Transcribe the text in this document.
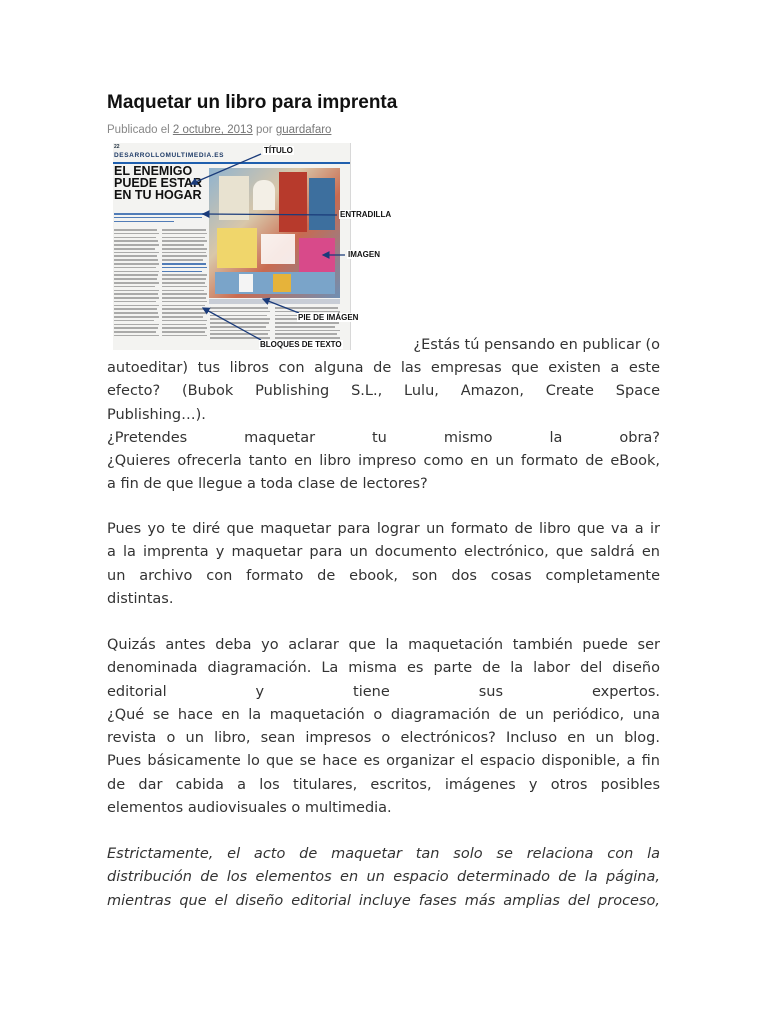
Maquetar un libro para imprenta
Publicado el 2 octubre, 2013 por guardafaro
22
DESARROLLOMULTIMEDIA.ES
EL ENEMIGO
PUEDE ESTAR
EN TU HOGAR
TÍTULO
ENTRADILLA
IMAGEN
PIE DE IMÁGEN
BLOQUES DE TEXTO	¿Estás tú pensando en publicar (o

autoeditar) tus libros con alguna de las empresas que existen a este
efecto? (Bubok Publishing S.L., Lulu, Amazon, Create Space
Publishing…).
¿Pretendes maquetar tu mismo la obra?
¿Quieres ofrecerla tanto en libro impreso como en un formato de eBook,
a fin de que llegue a toda clase de lectores?
Pues yo te diré que maquetar para lograr un formato de libro que va a ir
a la imprenta y maquetar para un documento electrónico, que saldrá en
un archivo con formato de ebook, son dos cosas completamente
distintas.
Quizás antes deba yo aclarar que la maquetación también puede ser
denominada diagramación. La misma es parte de la labor del diseño
editorial y tiene sus expertos.
¿Qué se hace en la maquetación o diagramación de un periódico, una
revista o un libro, sean impresos o electrónicos? Incluso en un blog.
Pues básicamente lo que se hace es organizar el espacio disponible, a fin
de dar cabida a los titulares, escritos, imágenes y otros posibles
elementos audiovisuales o multimedia.
Estrictamente, el acto de maquetar tan solo se relaciona con la
distribución de los elementos en un espacio determinado de la página,
mientras que el diseño editorial incluye fases más amplias del proceso,
